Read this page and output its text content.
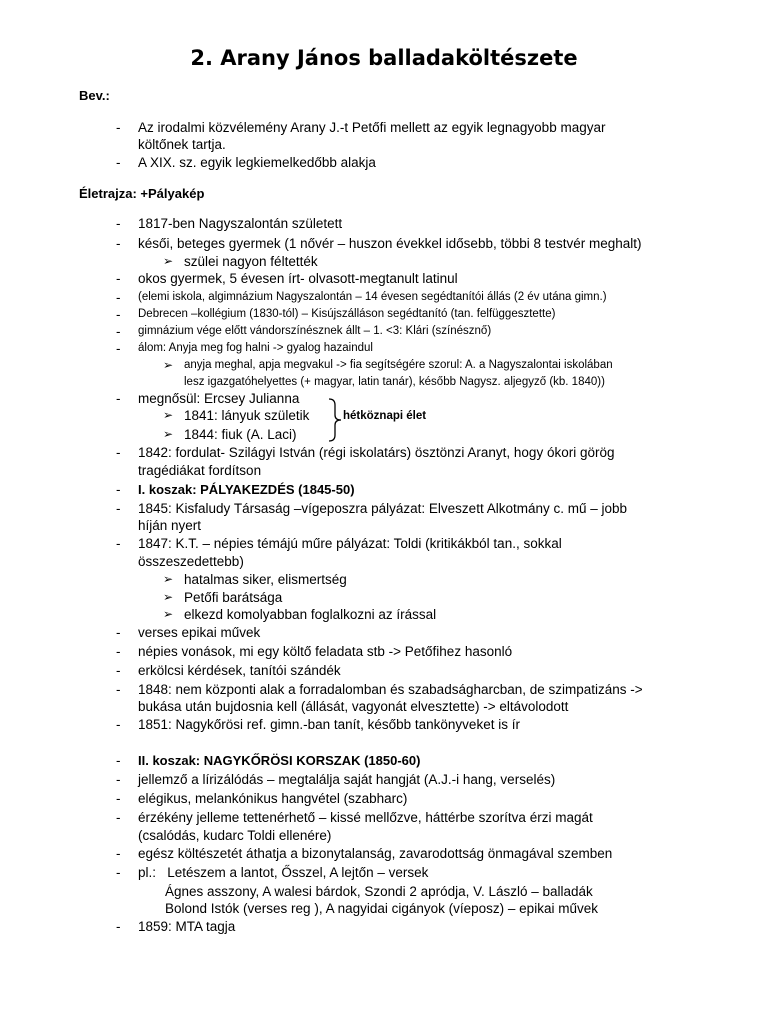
2. Arany János balladaköltészete
Bev.:
Életrajza: +Pályakép
-
-
-
-
-
-
-
-
-
-
-
-
-
-
-
-
-
-
-
-
-
-
-
-
-
-
➢
➢
➢
➢
➢
➢
➢
Az irodalmi közvélemény Arany J.-t Petőfi mellett az egyik legnagyobb magyar
költőnek tartja.
A XIX. sz. egyik legkiemelkedőbb alakja
1817-ben Nagyszalontán született
késői, beteges gyermek (1 nővér – huszon évekkel idősebb, többi 8 testvér meghalt)
szülei nagyon féltették
okos gyermek, 5 évesen írt- olvasott-megtanult latinul
(elemi iskola, algimnázium Nagyszalontán – 14 évesen segédtanítói állás (2 év utána gimn.)
Debrecen –kollégium (1830-tól) – Kisújszálláson segédtanító (tan. felfüggesztette)
gimnázium vége előtt vándorszínésznek állt – 1. <3: Klári (színésznő)
álom: Anyja meg fog halni -> gyalog hazaindul
anyja meghal, apja megvakul -> fia segítségére szorul: A. a Nagyszalontai iskolában
lesz igazgatóhelyettes (+ magyar, latin tanár), később Nagysz. aljegyző (kb. 1840))
megnősül: Ercsey Julianna
1841: lányuk születik
1844: fiuk (A. Laci)
1842: fordulat- Szilágyi István (régi iskolatárs) ösztönzi Aranyt, hogy ókori görög
tragédiákat fordítson
I. koszak: PÁLYAKEZDÉS (1845-50)
1845: Kisfaludy Társaság –vígeposzra pályázat: Elveszett Alkotmány c. mű – jobb
híján nyert
1847: K.T. – népies témájú műre pályázat: Toldi (kritikákból tan., sokkal
összeszedettebb)
hatalmas siker, elismertség
Petőfi barátsága
elkezd komolyabban foglalkozni az írással
verses epikai művek
népies vonások, mi egy költő feladata stb -> Petőfihez hasonló
erkölcsi kérdések, tanítói szándék
1848: nem központi alak a forradalomban és szabadságharcban, de szimpatizáns ->
bukása után bujdosnia kell (állását, vagyonát elvesztette) -> eltávolodott
1851: Nagykőrösi ref. gimn.-ban tanít, később tankönyveket is ír
II. koszak: NAGYKŐRÖSI KORSZAK (1850-60)
jellemző a lírizálódás – megtalálja saját hangját (A.J.-i hang, verselés)
elégikus, melankónikus hangvétel (szabharc)
érzékény jelleme tettenérhető – kissé mellőzve, háttérbe szorítva érzi magát
(csalódás, kudarc Toldi ellenére)
egész költészetét áthatja a bizonytalanság, zavarodottság önmagával szemben
pl.:   Letészem a lantot, Ősszel, A lejtőn – versek
Ágnes asszony, A walesi bárdok, Szondi 2 apródja, V. László – balladák
Bolond Istók (verses reg ), A nagyidai cigányok (víeposz) – epikai művek
1859: MTA tagja
hétköznapi élet
